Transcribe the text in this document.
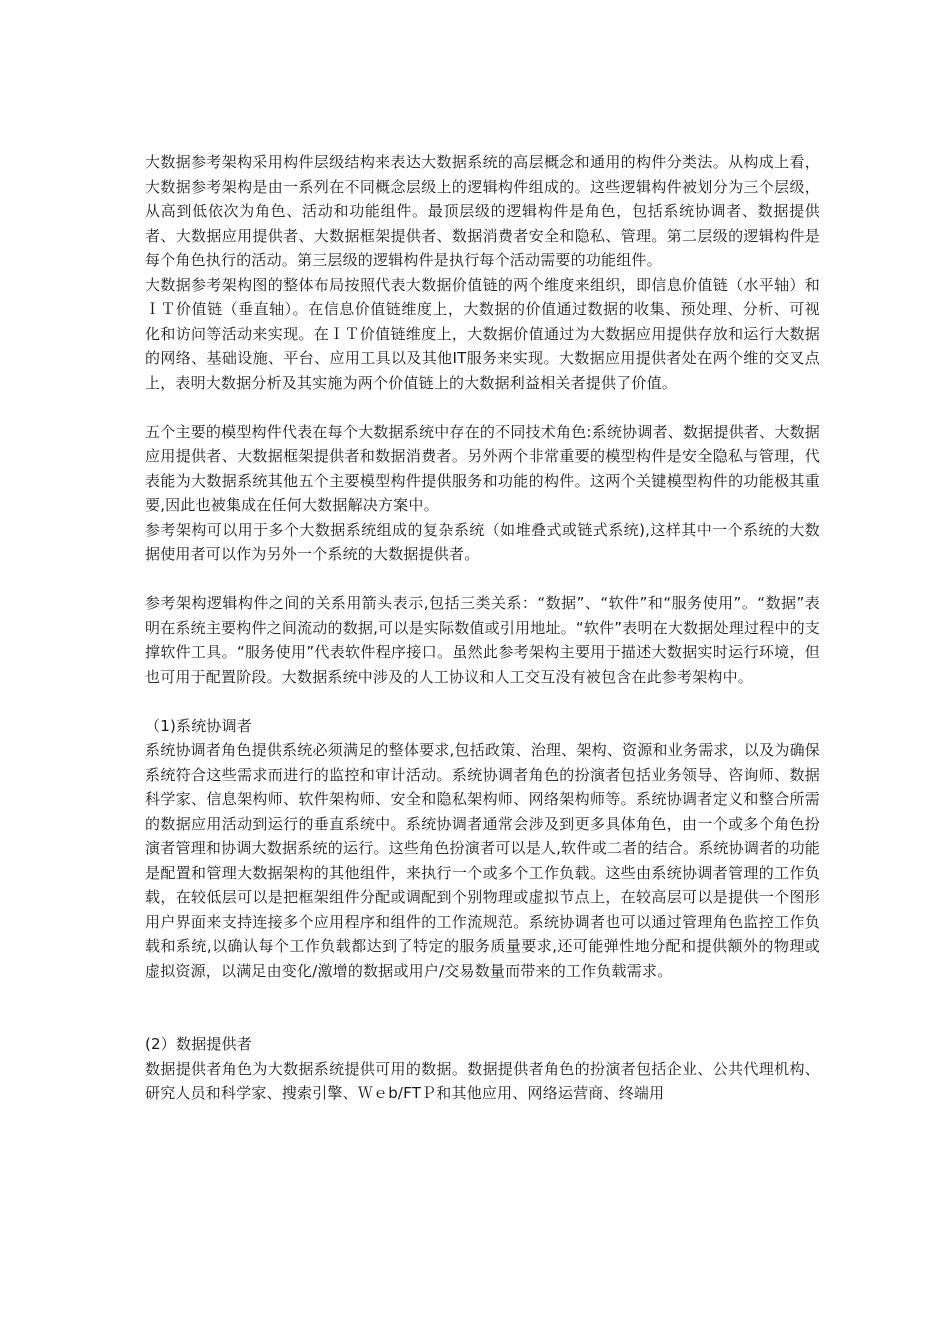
大数据参考架构采用构件层级结构来表达大数据系统的高层概念和通用的构件分类法。从构成上看，大数据参考架构是由一系列在不同概念层级上的逻辑构件组成的。这些逻辑构件被划分为三个层级，从高到低依次为角色、活动和功能组件。最顶层级的逻辑构件是角色，包括系统协调者、数据提供者、大数据应用提供者、大数据框架提供者、数据消费者安全和隐私、管理。第二层级的逻辑构件是每个角色执行的活动。第三层级的逻辑构件是执行每个活动需要的功能组件。

大数据参考架构图的整体布局按照代表大数据价值链的两个维度来组织，即信息价值链（水平轴）和ＩＴ价值链（垂直轴）。在信息价值链维度上，大数据的价值通过数据的收集、预处理、分析、可视化和访问等活动来实现。在ＩＴ价值链维度上，大数据价值通过为大数据应用提供存放和运行大数据的网络、基础设施、平台、应用工具以及其他IT服务来实现。大数据应用提供者处在两个维的交叉点上，表明大数据分析及其实施为两个价值链上的大数据利益相关者提供了价值。

五个主要的模型构件代表在每个大数据系统中存在的不同技术角色:系统协调者、数据提供者、大数据应用提供者、大数据框架提供者和数据消费者。另外两个非常重要的模型构件是安全隐私与管理，代表能为大数据系统其他五个主要模型构件提供服务和功能的构件。这两个关键模型构件的功能极其重要,因此也被集成在任何大数据解决方案中。

参考架构可以用于多个大数据系统组成的复杂系统（如堆叠式或链式系统),这样其中一个系统的大数据使用者可以作为另外一个系统的大数据提供者。

参考架构逻辑构件之间的关系用箭头表示,包括三类关系：“数据”、“软件”和“服务使用”。“数据”表明在系统主要构件之间流动的数据,可以是实际数值或引用地址。“软件”表明在大数据处理过程中的支撑软件工具。“服务使用”代表软件程序接口。虽然此参考架构主要用于描述大数据实时运行环境，但也可用于配置阶段。大数据系统中涉及的人工协议和人工交互没有被包含在此参考架构中。

（1)系统协调者

系统协调者角色提供系统必须满足的整体要求,包括政策、治理、架构、资源和业务需求，以及为确保系统符合这些需求而进行的监控和审计活动。系统协调者角色的扮演者包括业务领导、咨询师、数据科学家、信息架构师、软件架构师、安全和隐私架构师、网络架构师等。系统协调者定义和整合所需的数据应用活动到运行的垂直系统中。系统协调者通常会涉及到更多具体角色，由一个或多个角色扮演者管理和协调大数据系统的运行。这些角色扮演者可以是人,软件或二者的结合。系统协调者的功能是配置和管理大数据架构的其他组件，来执行一个或多个工作负载。这些由系统协调者管理的工作负载，在较低层可以是把框架组件分配或调配到个别物理或虚拟节点上，在较高层可以是提供一个图形用户界面来支持连接多个应用程序和组件的工作流规范。系统协调者也可以通过管理角色监控工作负载和系统,以确认每个工作负载都达到了特定的服务质量要求,还可能弹性地分配和提供额外的物理或虚拟资源，以满足由变化/激增的数据或用户/交易数量而带来的工作负载需求。

(2）数据提供者

数据提供者角色为大数据系统提供可用的数据。数据提供者角色的扮演者包括企业、公共代理机构、研究人员和科学家、搜索引擎、Ｗｅb/FTＰ和其他应用、网络运营商、终端用
